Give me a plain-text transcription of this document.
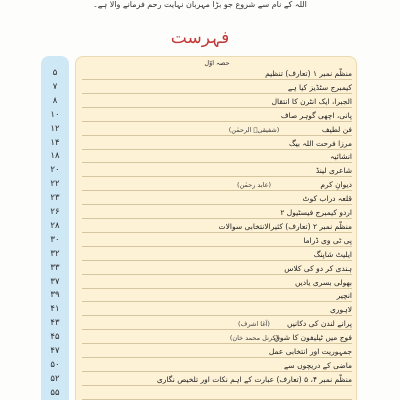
اللہ کے نام سے شروع جو بڑا مہربان نہایت رحم فرمانے والا ہے۔
فہرست
۵
۷
۸
۱۰
۱۲
۱۴
۱۸
۲۰
۲۲
۲۳
۲۶
۲۸
۳۰
۳۲
۳۳
۳۷
۳۹
۴۱
۴۳
۴۵
۴۷
۵۰
۵۲
۵۵
حصہ اوّل
منظّم نمبر ۱ (تعارف) تنظیم
کیمبرج سٹڈیز کیا ہے
الجبرا، ایک انٹرن کا انتقال
پانی، اچھی گوہر صاف
فن لطیف
(شفیقیؔ الرحمٰن)
مرزا فرحت اللہ بیگ
انشائیہ
شاعری لینڈ
دیوانِ کرم
(عابد رحمٰن)
قلعہ دراب کوٹ
اردو کیمبرج فیسٹیول ۲
منظّم نمبر ۲ (تعارف) کثیرالانتخابی سوالات
پی ٹی وی ڈراما
ایلیٹ شاپنگ
ہندی کر دو کی کلاس
بھولی بسری یادیں
انچیر
لاہوری
پرانے لندن کی دکانیں
(آغا اشرف)
فوج میں ٹیلیفون کا شوق
(کرنل محمد خان)
جمہوریت اور انتخابی عمل
ماضی کے دریچوں سے
منظّم نمبر ۴، ۵ (تعارف) عبارت کے اہم نکات اور تلخیص نگاری
